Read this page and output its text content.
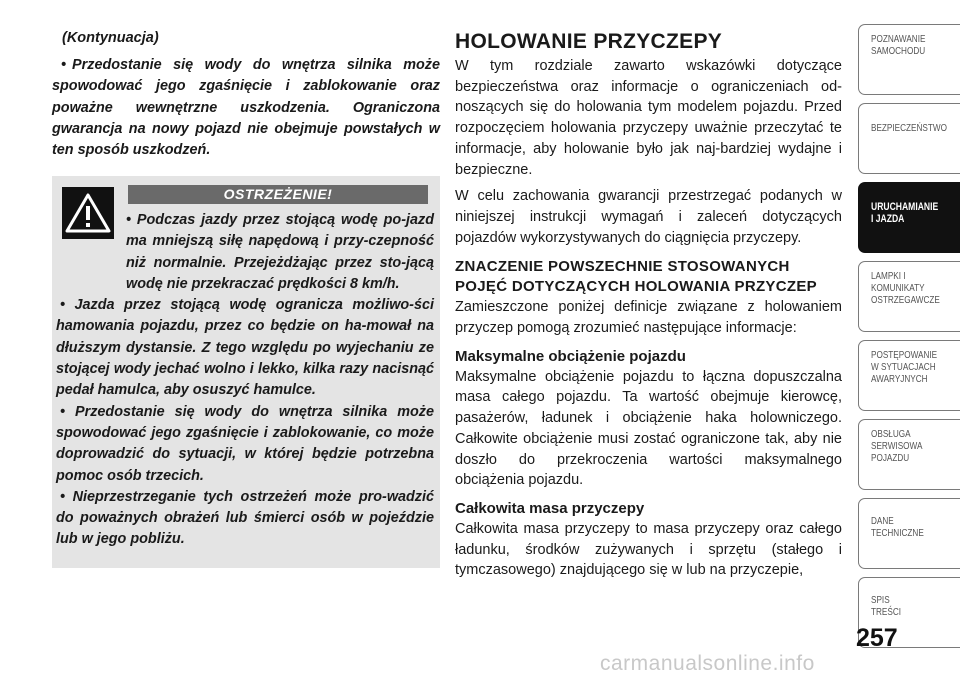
(Kontynuacja)

• Przedostanie się wody do wnętrza silnika może spowodować jego zgaśnięcie i zablokowanie oraz poważne wewnętrzne uszkodzenia. Ograniczona gwarancja na nowy pojazd nie obejmuje powstałych w ten sposób uszkodzeń.

OSTRZEŻENIE!

• Podczas jazdy przez stojącą wodę po-jazd ma mniejszą siłę napędową i przy-czepność niż normalnie. Przejeżdżając przez sto-jącą wodę nie przekraczać prędkości 8 km/h.

• Jazda przez stojącą wodę ogranicza możliwo-ści hamowania pojazdu, przez co będzie on ha-mował na dłuższym dystansie. Z tego względu po wyjechaniu ze stojącej wody jechać wolno i lekko, kilka razy nacisnąć pedał hamulca, aby osuszyć hamulce.

• Przedostanie się wody do wnętrza silnika może spowodować jego zgaśnięcie i zablokowanie, co może doprowadzić do sytuacji, w której będzie potrzebna pomoc osób trzecich.

• Nieprzestrzeganie tych ostrzeżeń może pro-wadzić do poważnych obrażeń lub śmierci osób w pojeździe lub w jego pobliżu.

HOLOWANIE PRZYCZEPY

W tym rozdziale zawarto wskazówki dotyczące bezpieczeństwa oraz informacje o ograniczeniach od-noszących się do holowania tym modelem pojazdu. Przed rozpoczęciem holowania przyczepy uważnie przeczytać te informacje, aby holowanie było jak naj-bardziej wydajne i bezpieczne.

W celu zachowania gwarancji przestrzegać podanych w niniejszej instrukcji wymagań i zaleceń dotyczących pojazdów wykorzystywanych do ciągnięcia przyczepy.

ZNACZENIE POWSZECHNIE STOSOWANYCH POJĘĆ DOTYCZĄCYCH HOLOWANIA PRZYCZEP

Zamieszczone poniżej definicje związane z holowaniem przyczep pomogą zrozumieć następujące informacje:

Maksymalne obciążenie pojazdu

Maksymalne obciążenie pojazdu to łączna dopuszczalna masa całego pojazdu. Ta wartość obejmuje kierowcę, pasażerów, ładunek i obciążenie haka holowniczego. Całkowite obciążenie musi zostać ograniczone tak, aby nie doszło do przekroczenia wartości maksymalnego obciążenia pojazdu.

Całkowita masa przyczepy

Całkowita masa przyczepy to masa przyczepy oraz całego ładunku, środków zużywanych i sprzętu (stałego i tymczasowego) znajdującego się w lub na przyczepie,

POZNAWANIE
SAMOCHODU
BEZPIECZEŃSTWO
URUCHAMIANIE
I JAZDA
LAMPKI I
KOMUNIKATY
OSTRZEGAWCZE
POSTĘPOWANIE
W SYTUACJACH
AWARYJNYCH
OBSŁUGA
SERWISOWA
POJAZDU
DANE
TECHNICZNE
SPIS
TREŚCI
257
carmanualsonline.info
